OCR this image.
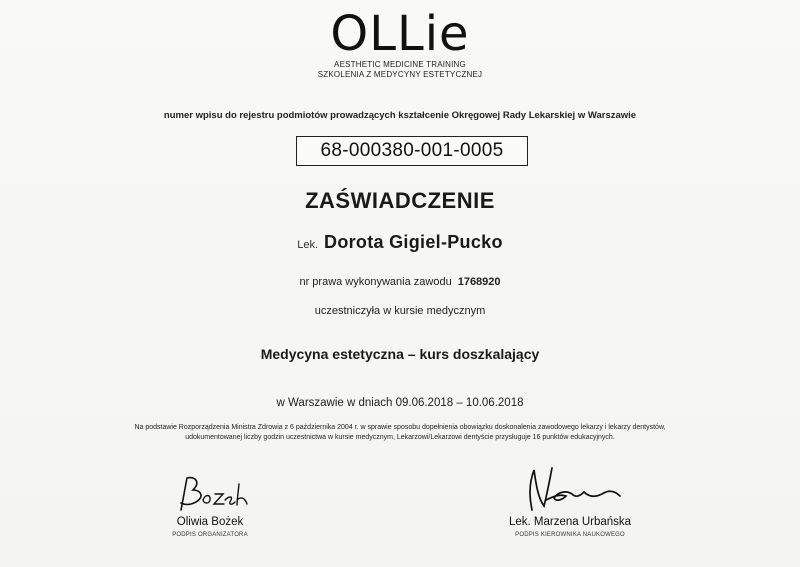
OLLie
AESTHETIC MEDICINE TRAINING
SZKOLENIA Z MEDYCYNY ESTETYCZNEJ
numer wpisu do rejestru podmiotów prowadzących kształcenie Okręgowej Rady Lekarskiej w Warszawie
68-000380-001-0005
ZAŚWIADCZENIE
Lek. Dorota Gigiel-Pucko
nr prawa wykonywania zawodu 1768920
uczestniczyła w kursie medycznym
Medycyna estetyczna – kurs doszkalający
w Warszawie w dniach 09.06.2018 – 10.06.2018
Na podstawie Rozporządzenia Ministra Zdrowia z 6 października 2004 r. w sprawie sposobu dopełnienia obowiązku doskonalenia zawodowego lekarzy i lekarzy dentystów,
udokumentowanej liczby godzin uczestnictwa w kursie medycznym, Lekarzowi/Lekarzowi dentyście przysługuje 16 punktów edukacyjnych.
Oliwia Bożek
PODPIS ORGANIZATORA
Lek. Marzena Urbańska
PODPIS KIEROWNIKA NAUKOWEGO
